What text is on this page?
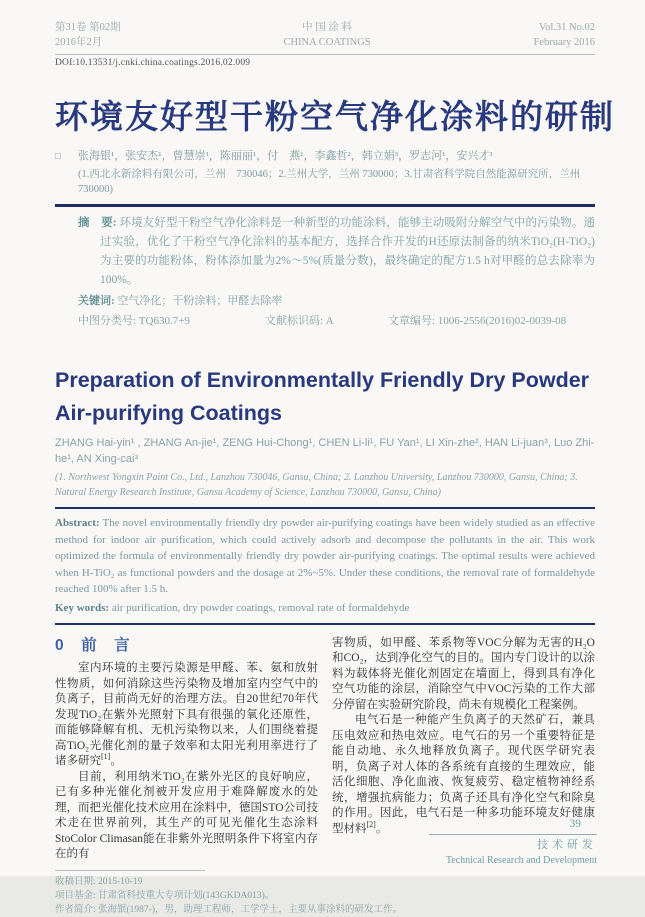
第31卷 第02期
2016年2月
中 国 涂 料
CHINA COATINGS
Vol.31 No.02
February 2016
DOI:10.13531/j.cnki.china.coatings.2016.02.009
环境友好型干粉空气净化涂料的研制
□	张海银¹，张安杰¹，曾慧崇¹，陈丽丽¹，付　燕¹，李鑫哲²，韩立娟³，罗志河¹，安兴才³
(1.西北永新涂料有限公司，兰州　730046；2.兰州大学，兰州 730000；3.甘肃省科学院自然能源研究所，兰州　730000)
摘　要: 环境友好型干粉空气净化涂料是一种新型的功能涂料，能够主动吸附分解空气中的污染物。通过实验，优化了干粉空气净化涂料的基本配方，选择合作开发的H还原法制备的纳米TiO₂(H-TiO₂)为主要的功能粉体，粉体添加量为2%～5%(质量分数)，最终确定的配方1.5 h对甲醛的总去除率为100%。
关键词: 空气净化；干粉涂料；甲醛去除率
中图分类号: TQ630.7+9	文献标识码: A	文章编号: 1006-2556(2016)02-0039-08
Preparation of Environmentally Friendly Dry Powder
Air-purifying Coatings
ZHANG Hai-yin¹ , ZHANG An-jie¹, ZENG Hui-Chong¹, CHEN Li-li¹, FU Yan¹, LI Xin-zhe², HAN Li-juan³, Luo Zhi-he¹, AN Xing-cai³
(1. Northwest Yongxin Paint Co., Ltd., Lanzhou 730046, Gansu, China; 2. Lanzhou University, Lanzhou 730000, Gansu, China; 3. Natural Energy Research Institute, Gansu Academy of Science, Lanzhou 730000, Gansu, China)
Abstract: The novel environmentally friendly dry powder air-purifying coatings have been widely studied as an effective method for indoor air purification, which could actively adsorb and decompose the pollutants in the air. This work optimized the formula of environmentally friendly dry powder air-purifying coatings. The optimal results were achieved when H-TiO₂ as functional powders and the dosage at 2%~5%. Under these conditions, the removal rate of formaldehyde reached 100% after 1.5 h.
Key words: air purification, dry powder coatings, removal rate of formaldehyde
0　前　言

室内环境的主要污染源是甲醛、苯、氨和放射性物质，如何消除这些污染物及增加室内空气中的负离子，目前尚无好的治理方法。自20世纪70年代发现TiO₂在紫外光照射下具有很强的氧化还原性，而能够降解有机、无机污染物以来，人们围绕着提高TiO₂光催化剂的量子效率和太阳光利用率进行了诸多研究[1]。

目前，利用纳米TiO₂在紫外光区的良好响应，已有多种光催化剂被开发应用于难降解废水的处理，而把光催化技术应用在涂料中，德国STO公司技术走在世界前列，其生产的可见光催化生态涂料StoColor Climasan能在非紫外光照明条件下将室内存在的有

害物质，如甲醛、苯系物等VOC分解为无害的H₂O和CO₂，达到净化空气的目的。国内专门设计的以涂料为载体将光催化剂固定在墙面上，得到具有净化空气功能的涂层，消除空气中VOC污染的工作大部分停留在实验研究阶段，尚未有规模化工程案例。

电气石是一种能产生负离子的天然矿石，兼具压电效应和热电效应。电气石的另一个重要特征是能自动地、永久地释放负离子。现代医学研究表明，负离子对人体的各系统有直接的生理效应，能活化细胞、净化血液、恢复疲劳、稳定植物神经系统，增强抗病能力；负离子还具有净化空气和除臭的作用。因此，电气石是一种多功能环境友好健康型材料[2]。

收稿日期: 2015-10-19
项目基金: 甘肃省科技重大专项计划(143GKDA013)。
作者简介: 张海银(1987-)，男，助理工程师，工学学士，主要从事涂料的研发工作。
39
技术研发
Technical Research and Development
